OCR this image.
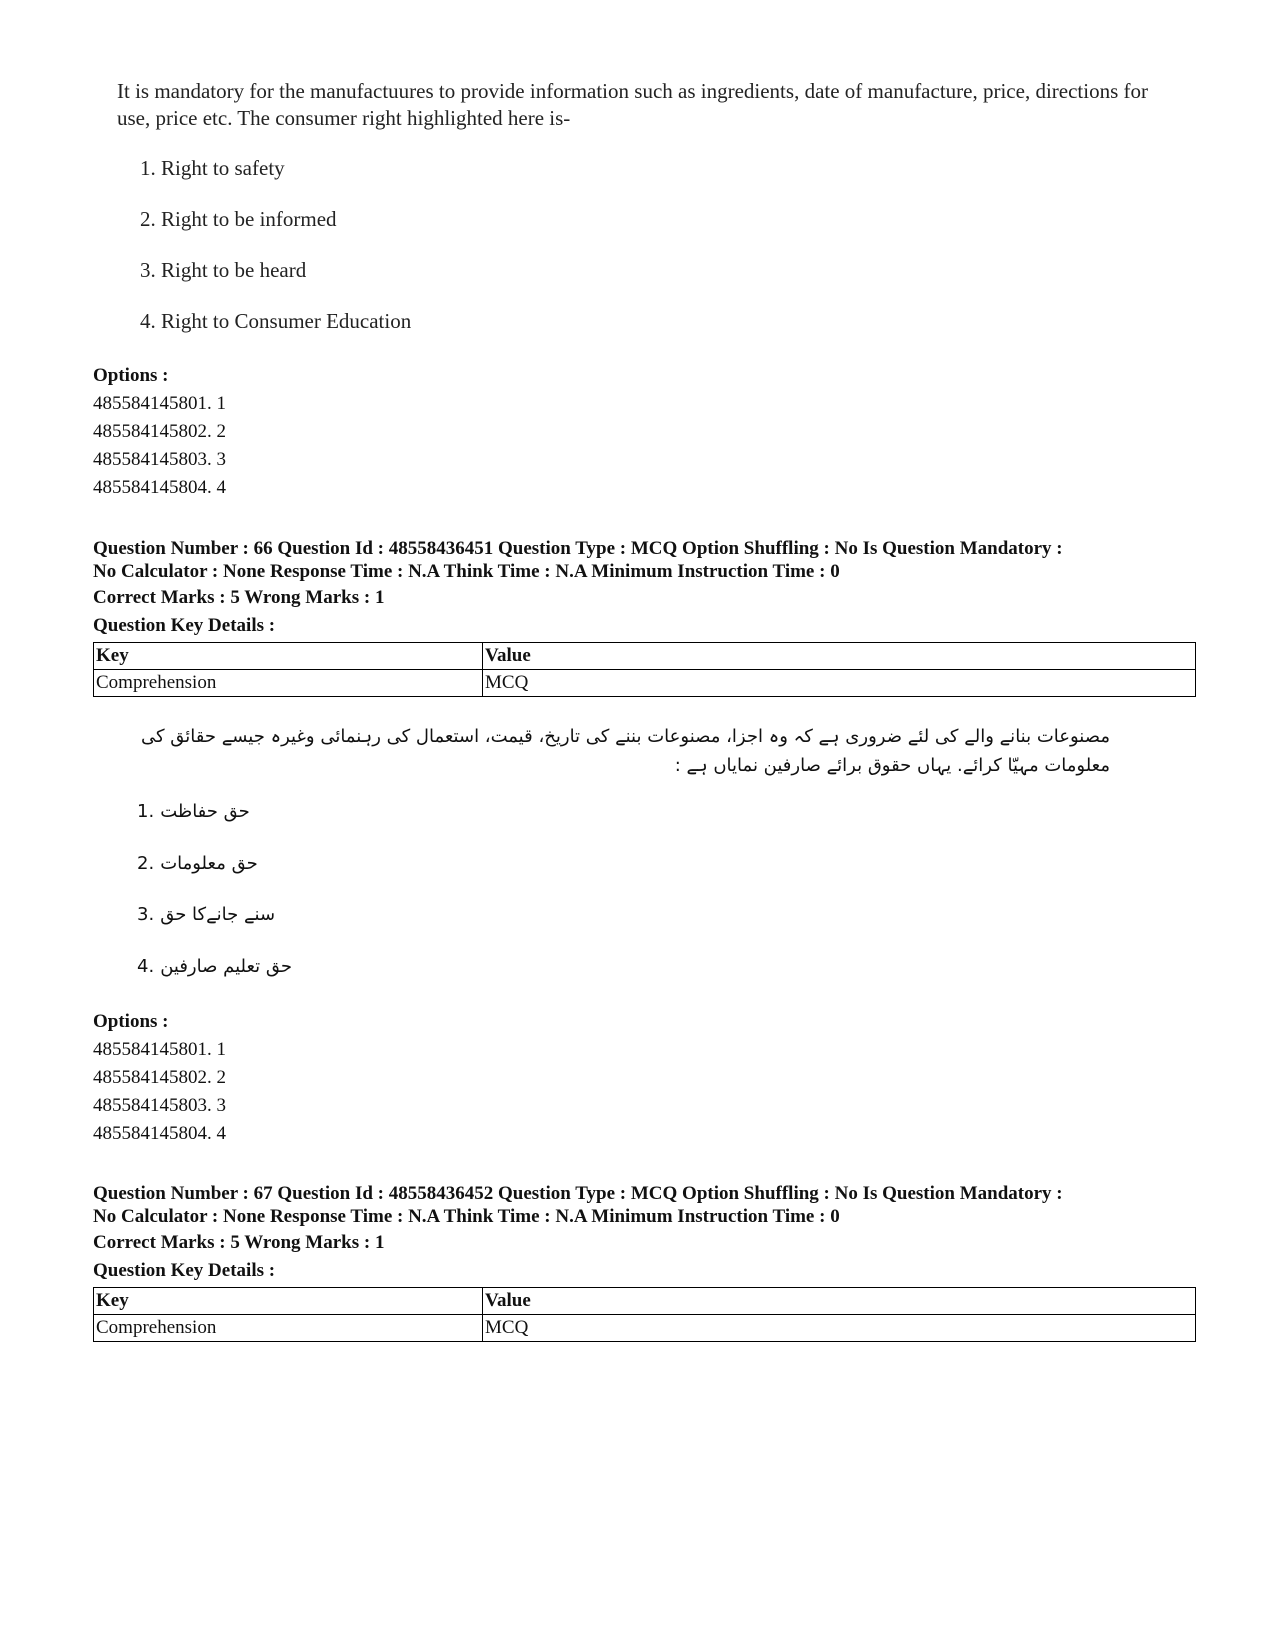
It is mandatory for the manufactuures to provide information such as ingredients, date of manufacture, price, directions for use, price etc. The consumer right highlighted here is-
1. Right to safety
2. Right to be informed
3. Right to be heard
4. Right to Consumer Education
Options :
485584145801. 1
485584145802. 2
485584145803. 3
485584145804. 4
Question Number : 66 Question Id : 48558436451 Question Type : MCQ Option Shuffling : No Is Question Mandatory :
No Calculator : None Response Time : N.A Think Time : N.A Minimum Instruction Time : 0
Correct Marks : 5 Wrong Marks : 1
Question Key Details :
Key	Value
Comprehension	MCQ
مصنوعات بنانے والے کی لئے ضروری ہے کہ وہ اجزا، مصنوعات بننے کی تاریخ، قیمت، استعمال کی رہنمائی وغیرہ جیسے حقائق کی معلومات مہیّا کرائے. یہاں حقوق برائے صارفین نمایاں ہے :
1. حق حفاظت
2. حق معلومات
3. سنے جانےکا حق
4. حق تعلیم صارفین
Options :
485584145801. 1
485584145802. 2
485584145803. 3
485584145804. 4
Question Number : 67 Question Id : 48558436452 Question Type : MCQ Option Shuffling : No Is Question Mandatory :
No Calculator : None Response Time : N.A Think Time : N.A Minimum Instruction Time : 0
Correct Marks : 5 Wrong Marks : 1
Question Key Details :
Key	Value
Comprehension	MCQ
